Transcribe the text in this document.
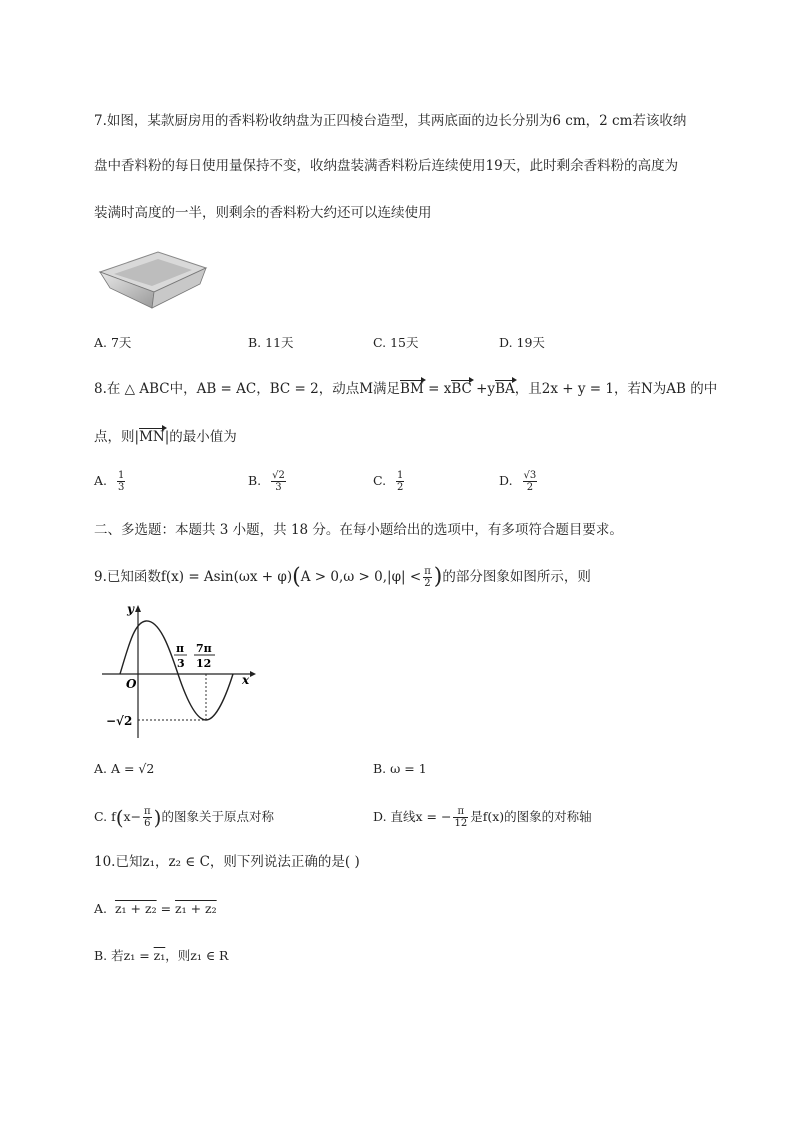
7.如图，某款厨房用的香料粉收纳盘为正四棱台造型，其两底面的边长分别为6 cm，2 cm若该收纳
盘中香料粉的每日使用量保持不变，收纳盘装满香料粉后连续使用19天，此时剩余香料粉的高度为
装满时高度的一半，则剩余的香料粉大约还可以连续使用
A. 7天	B. 11天	C. 15天	D. 19天
8.在 △ ABC中，AB = AC，BC = 2，动点M满足BM = xBC +yBA，且2x + y = 1，若N为AB 的中
点，则|MN|的最小值为
A. $\frac{1}{3}$	B. $\frac{√2}{3}$	C. $\frac{1}{2}$	D. $\frac{√3}{2}$
二、多选题：本题共 3 小题，共 18 分。在每小题给出的选项中，有多项符合题目要求。
9.已知函数$f(x) = Asin(\omega x + \varphi)(A > 0,\omega > 0,|\varphi| < \frac{\pi}{2}$ )的部分图象如图所示，则
y
x
O
π
3
7π
12
−√2
A. A = √2	B. ω = 1
C. $f(x- \frac{\pi}{6}$ )的图象关于原点对称	D. 直线x = − $\frac{\pi}{12}$ 是f(x)的图象的对称轴
10.已知z₁，z₂ ∈ C，则下列说法正确的是( )
A. z₁ + z₂ = z₁ + z₂
B. 若z₁ = z₁，则z₁ ∈ R
